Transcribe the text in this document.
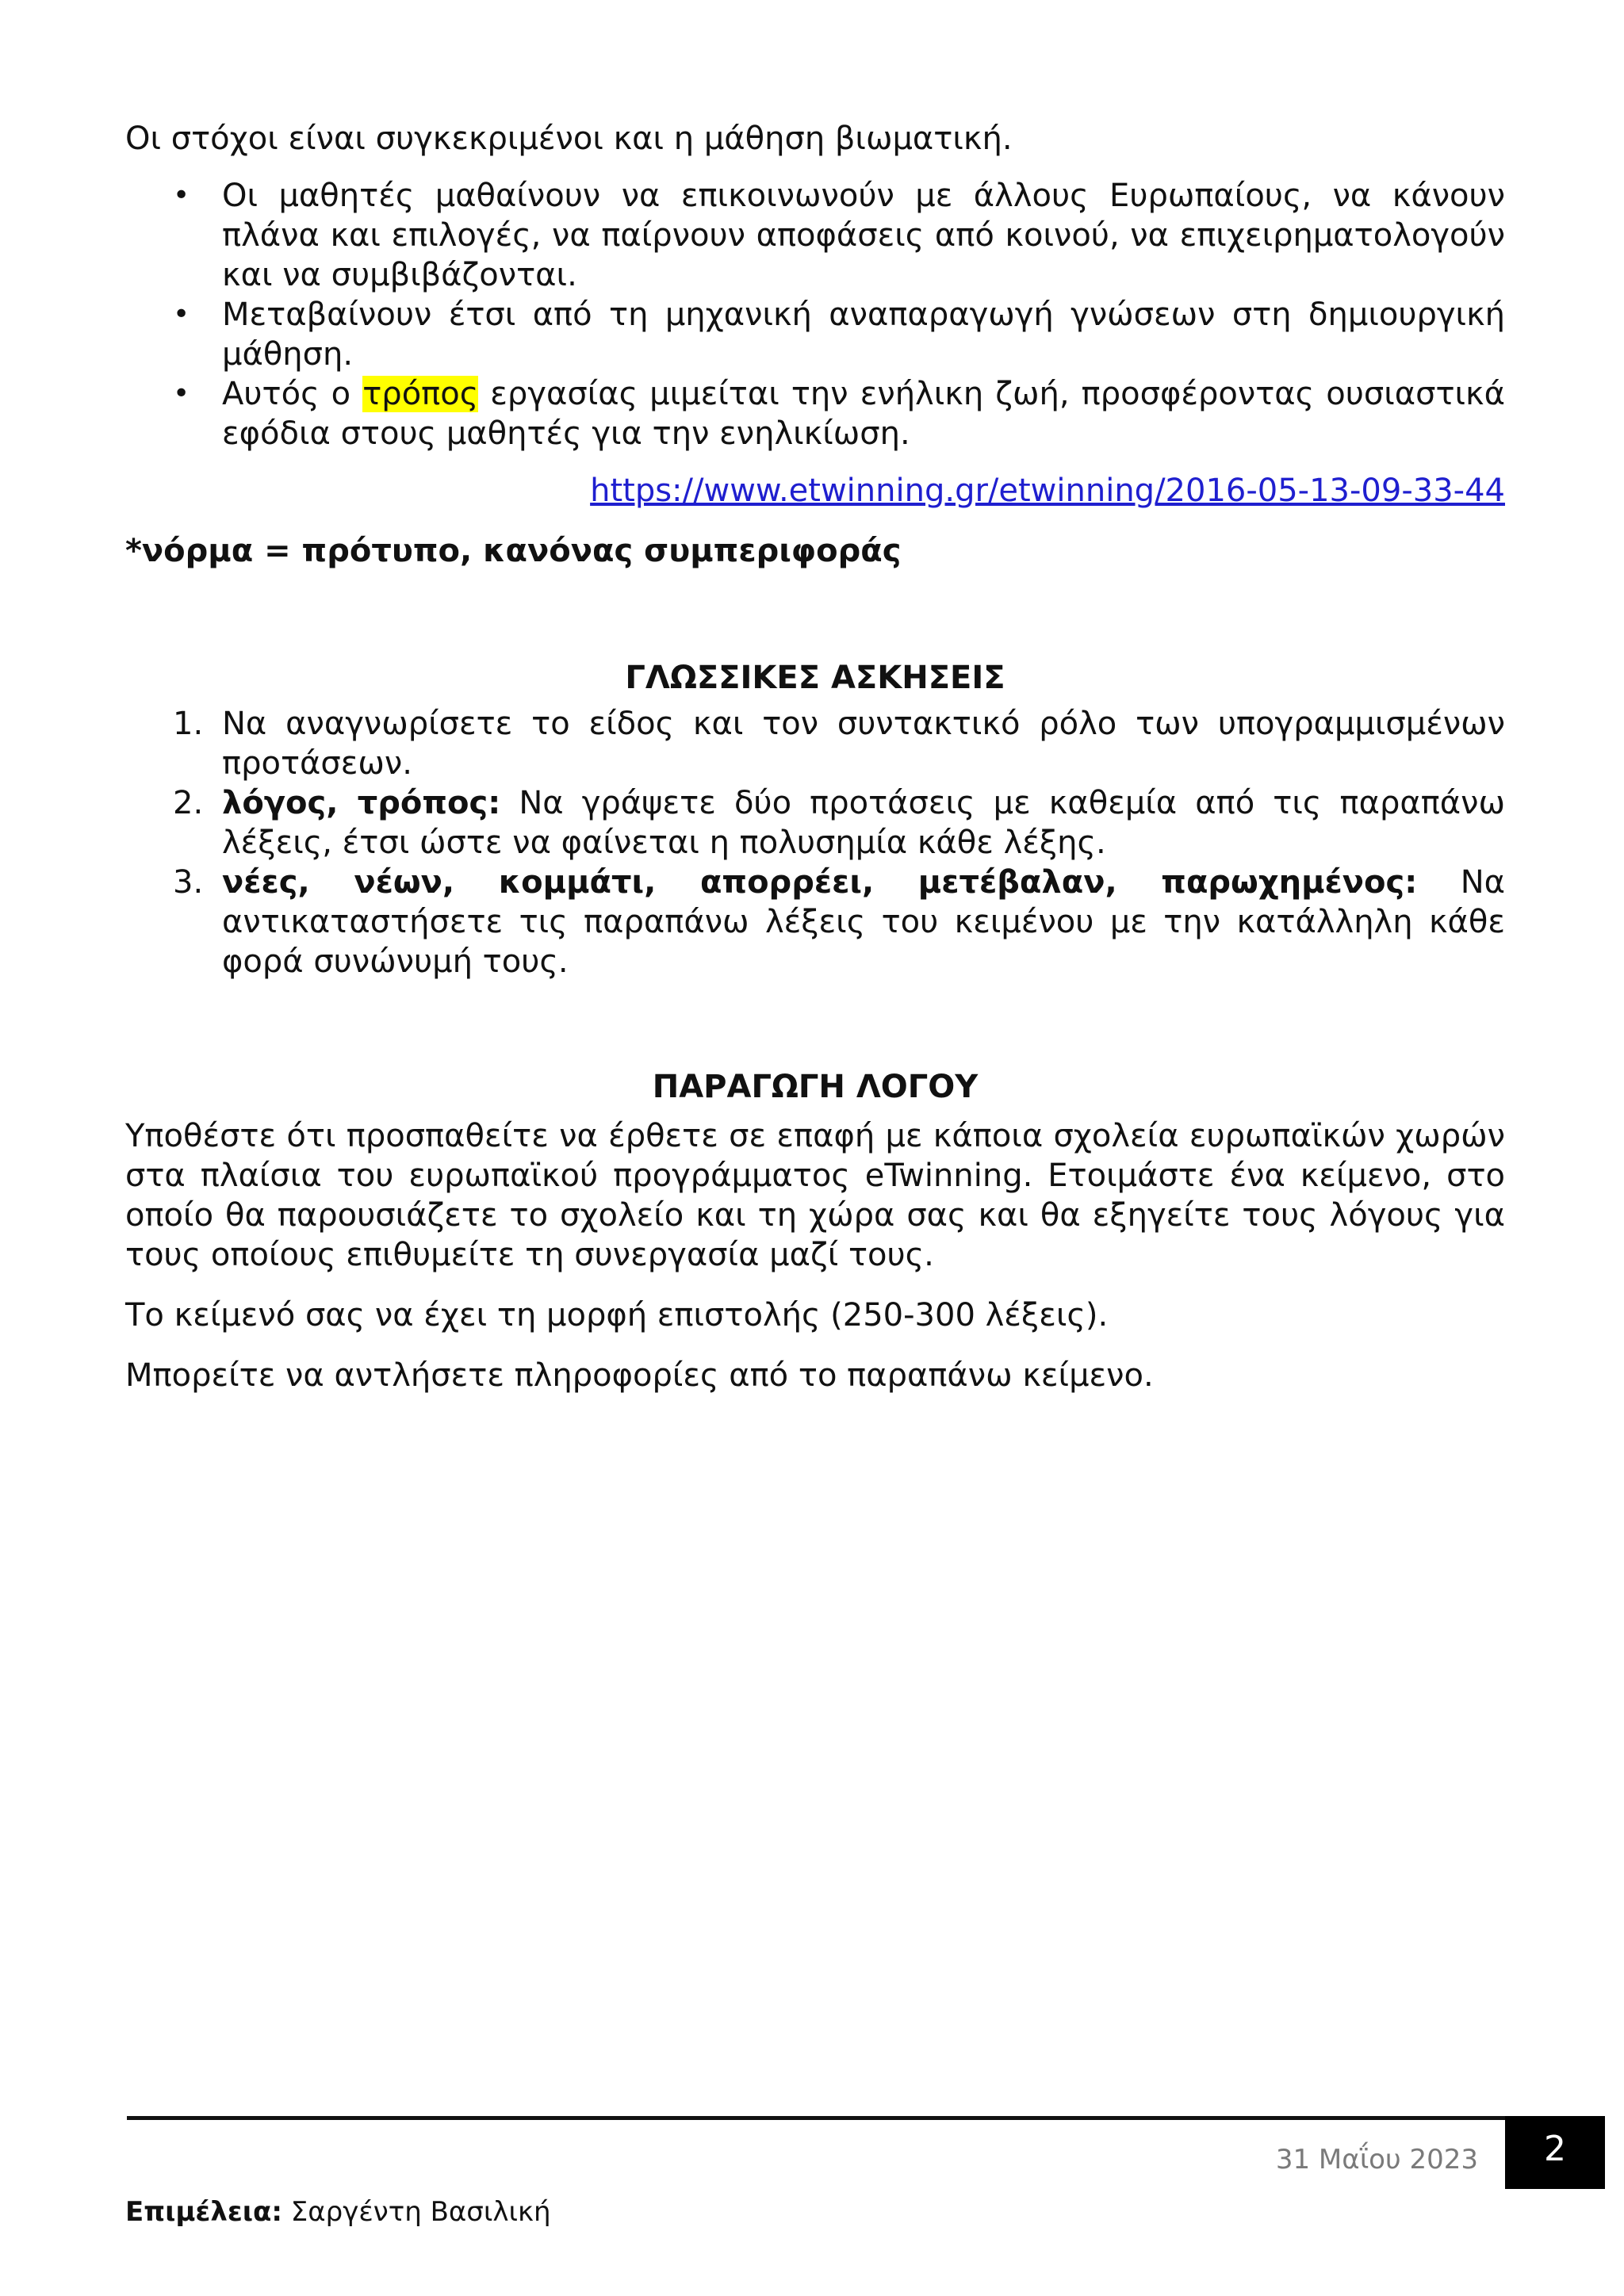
Οι στόχοι είναι συγκεκριμένοι και η μάθηση βιωματική.

• Οι μαθητές μαθαίνουν να επικοινωνούν με άλλους Ευρωπαίους, να κάνουν πλάνα και επιλογές, να παίρνουν αποφάσεις από κοινού, να επιχειρηματολογούν και να συμβιβάζονται.
• Μεταβαίνουν έτσι από τη μηχανική αναπαραγωγή γνώσεων στη δημιουργική μάθηση.
• Αυτός ο τρόπος εργασίας μιμείται την ενήλικη ζωή, προσφέροντας ουσιαστικά εφόδια στους μαθητές για την ενηλικίωση.

https://www.etwinning.gr/etwinning/2016-05-13-09-33-44

*νόρμα = πρότυπο, κανόνας συμπεριφοράς

ΓΛΩΣΣΙΚΕΣ ΑΣΚΗΣΕΙΣ

1. Να αναγνωρίσετε το είδος και τον συντακτικό ρόλο των υπογραμμισμένων προτάσεων.
2. λόγος, τρόπος: Να γράψετε δύο προτάσεις με καθεμία από τις παραπάνω λέξεις, έτσι ώστε να φαίνεται η πολυσημία κάθε λέξης.
3. νέες, νέων, κομμάτι, απορρέει, μετέβαλαν, παρωχημένος: Να αντικαταστήσετε τις παραπάνω λέξεις του κειμένου με την κατάλληλη κάθε φορά συνώνυμή τους.

ΠΑΡΑΓΩΓΗ ΛΟΓΟΥ

Υποθέστε ότι προσπαθείτε να έρθετε σε επαφή με κάποια σχολεία ευρωπαϊκών χωρών στα πλαίσια του ευρωπαϊκού προγράμματος eTwinning. Ετοιμάστε ένα κείμενο, στο οποίο θα παρουσιάζετε το σχολείο και τη χώρα σας και θα εξηγείτε τους λόγους για τους οποίους επιθυμείτε τη συνεργασία μαζί τους.

Το κείμενό σας να έχει τη μορφή επιστολής (250-300 λέξεις).

Μπορείτε να αντλήσετε πληροφορίες από το παραπάνω κείμενο.

31 Μαΐου 2023	2
Επιμέλεια: Σαργέντη Βασιλική
